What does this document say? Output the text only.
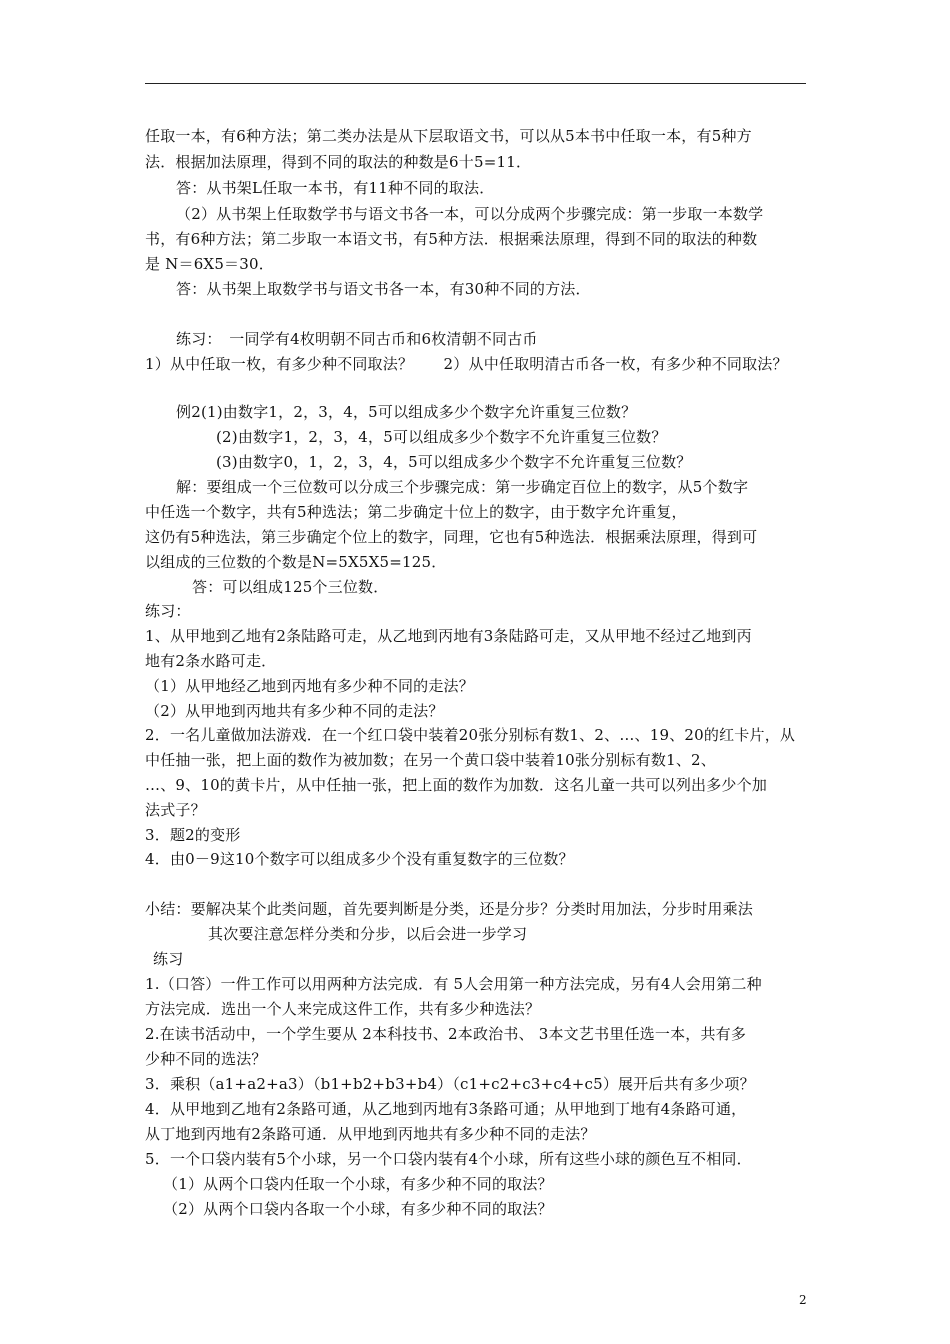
任取一本，有6种方法；第二类办法是从下层取语文书，可以从5本书中任取一本，有5种方
法．根据加法原理，得到不同的取法的种数是6十5=11．
答：从书架L任取一本书，有11种不同的取法．
（2）从书架上任取数学书与语文书各一本，可以分成两个步骤完成：第一步取一本数学
书，有6种方法；第二步取一本语文书，有5种方法．根据乘法原理，得到不同的取法的种数
是 N＝6X5＝30．
答：从书架上取数学书与语文书各一本，有30种不同的方法．
练习：　一同学有4枚明朝不同古币和6枚清朝不同古币
1）从中任取一枚，有多少种不同取法？　　2）从中任取明清古币各一枚，有多少种不同取法？
例2(1)由数字1，2，3，4，5可以组成多少个数字允许重复三位数？
(2)由数字1，2，3，4，5可以组成多少个数字不允许重复三位数？
(3)由数字0，1，2，3，4，5可以组成多少个数字不允许重复三位数？
解：要组成一个三位数可以分成三个步骤完成：第一步确定百位上的数字，从5个数字
中任选一个数字，共有5种选法；第二步确定十位上的数字，由于数字允许重复，
这仍有5种选法，第三步确定个位上的数字，同理，它也有5种选法．根据乘法原理，得到可
以组成的三位数的个数是N=5X5X5=125．
答：可以组成125个三位数．
练习：
1、从甲地到乙地有2条陆路可走，从乙地到丙地有3条陆路可走，又从甲地不经过乙地到丙
地有2条水路可走．
（1）从甲地经乙地到丙地有多少种不同的走法？
（2）从甲地到丙地共有多少种不同的走法？
2．一名儿童做加法游戏．在一个红口袋中装着20张分别标有数1、2、…、19、20的红卡片，从
中任抽一张，把上面的数作为被加数；在另一个黄口袋中装着10张分别标有数1、2、
…、9、10的黄卡片，从中任抽一张，把上面的数作为加数．这名儿童一共可以列出多少个加
法式子？
3．题2的变形
4．由0－9这10个数字可以组成多少个没有重复数字的三位数？
小结：要解决某个此类问题，首先要判断是分类，还是分步？分类时用加法，分步时用乘法
其次要注意怎样分类和分步，以后会进一步学习
练习
1.（口答）一件工作可以用两种方法完成．有 5人会用第一种方法完成，另有4人会用第二种
方法完成．选出一个人来完成这件工作，共有多少种选法？
2.在读书活动中，一个学生要从 2本科技书、2本政治书、 3本文艺书里任选一本，共有多
少种不同的选法？
3．乘积（a1+a2+a3）（b1+b2+b3+b4）（c1+c2+c3+c4+c5）展开后共有多少项？
4．从甲地到乙地有2条路可通，从乙地到丙地有3条路可通；从甲地到丁地有4条路可通，
从丁地到丙地有2条路可通．从甲地到丙地共有多少种不同的走法？
5．一个口袋内装有5个小球，另一个口袋内装有4个小球，所有这些小球的颜色互不相同．
（1）从两个口袋内任取一个小球，有多少种不同的取法？
（2）从两个口袋内各取一个小球，有多少种不同的取法？
2
